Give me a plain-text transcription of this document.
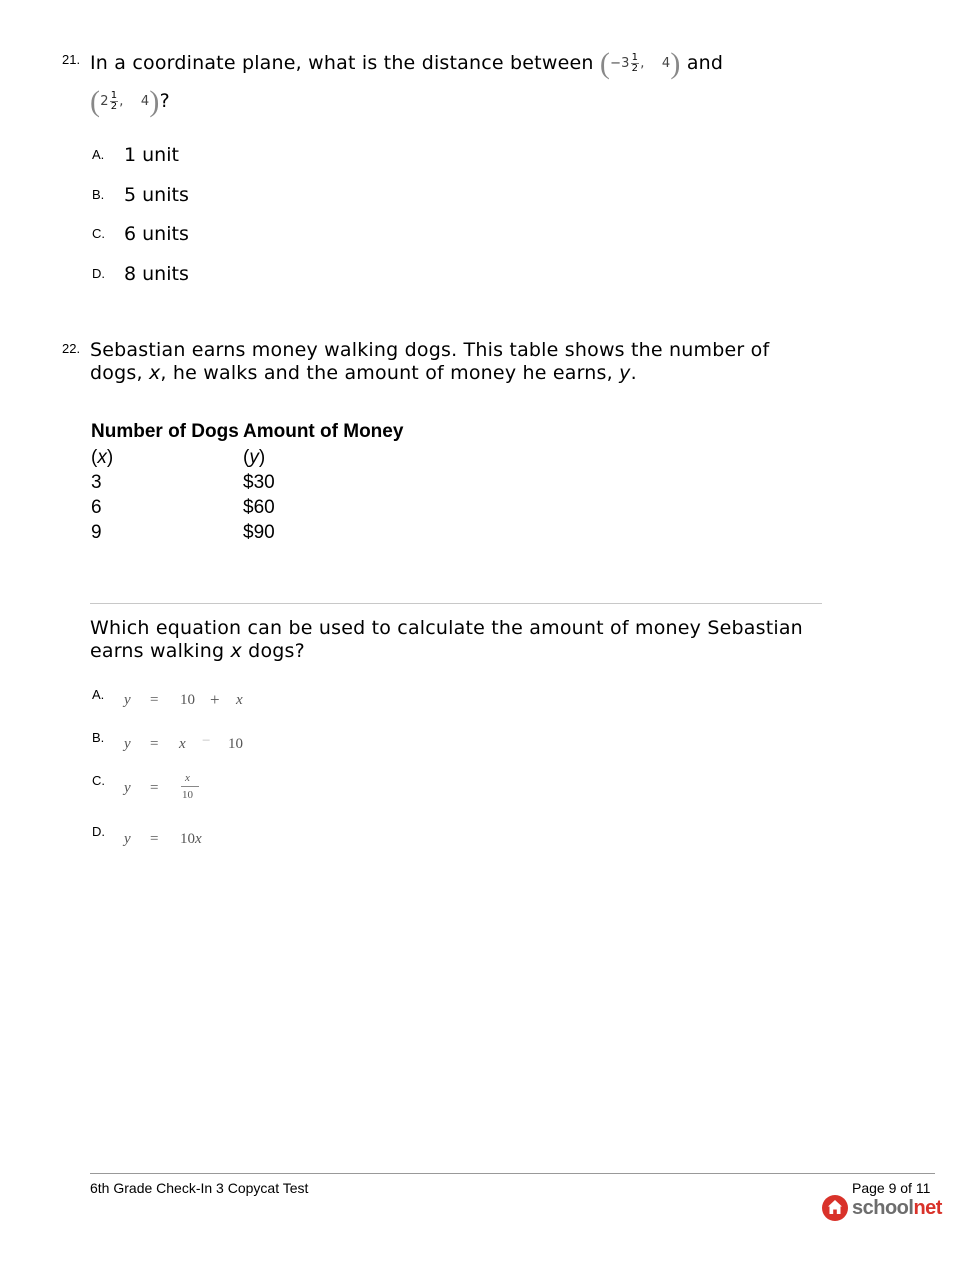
21. In a coordinate plane, what is the distance between ($-3 \frac{1}{2}$ ,    4) and
($2 \frac{1}{2}$ ,    4)?
A. 1 unit
B. 5 units
C. 6 units
D. 8 units
22. Sebastian earns money walking dogs. This table shows the number of
dogs, x, he walks and the amount of money he earns, y.
Number of Dogs	Amount of Money
(x)	(y)
3	$30
6	$60
9	$90
Which equation can be used to calculate the amount of money Sebastian
earns walking x dogs?
A. y = 10 + x
B. y = x − 10
C. y =
x
10
D. y = 10 x
6th Grade Check-In 3 Copycat Test	Page 9 of 11
schoolnet
